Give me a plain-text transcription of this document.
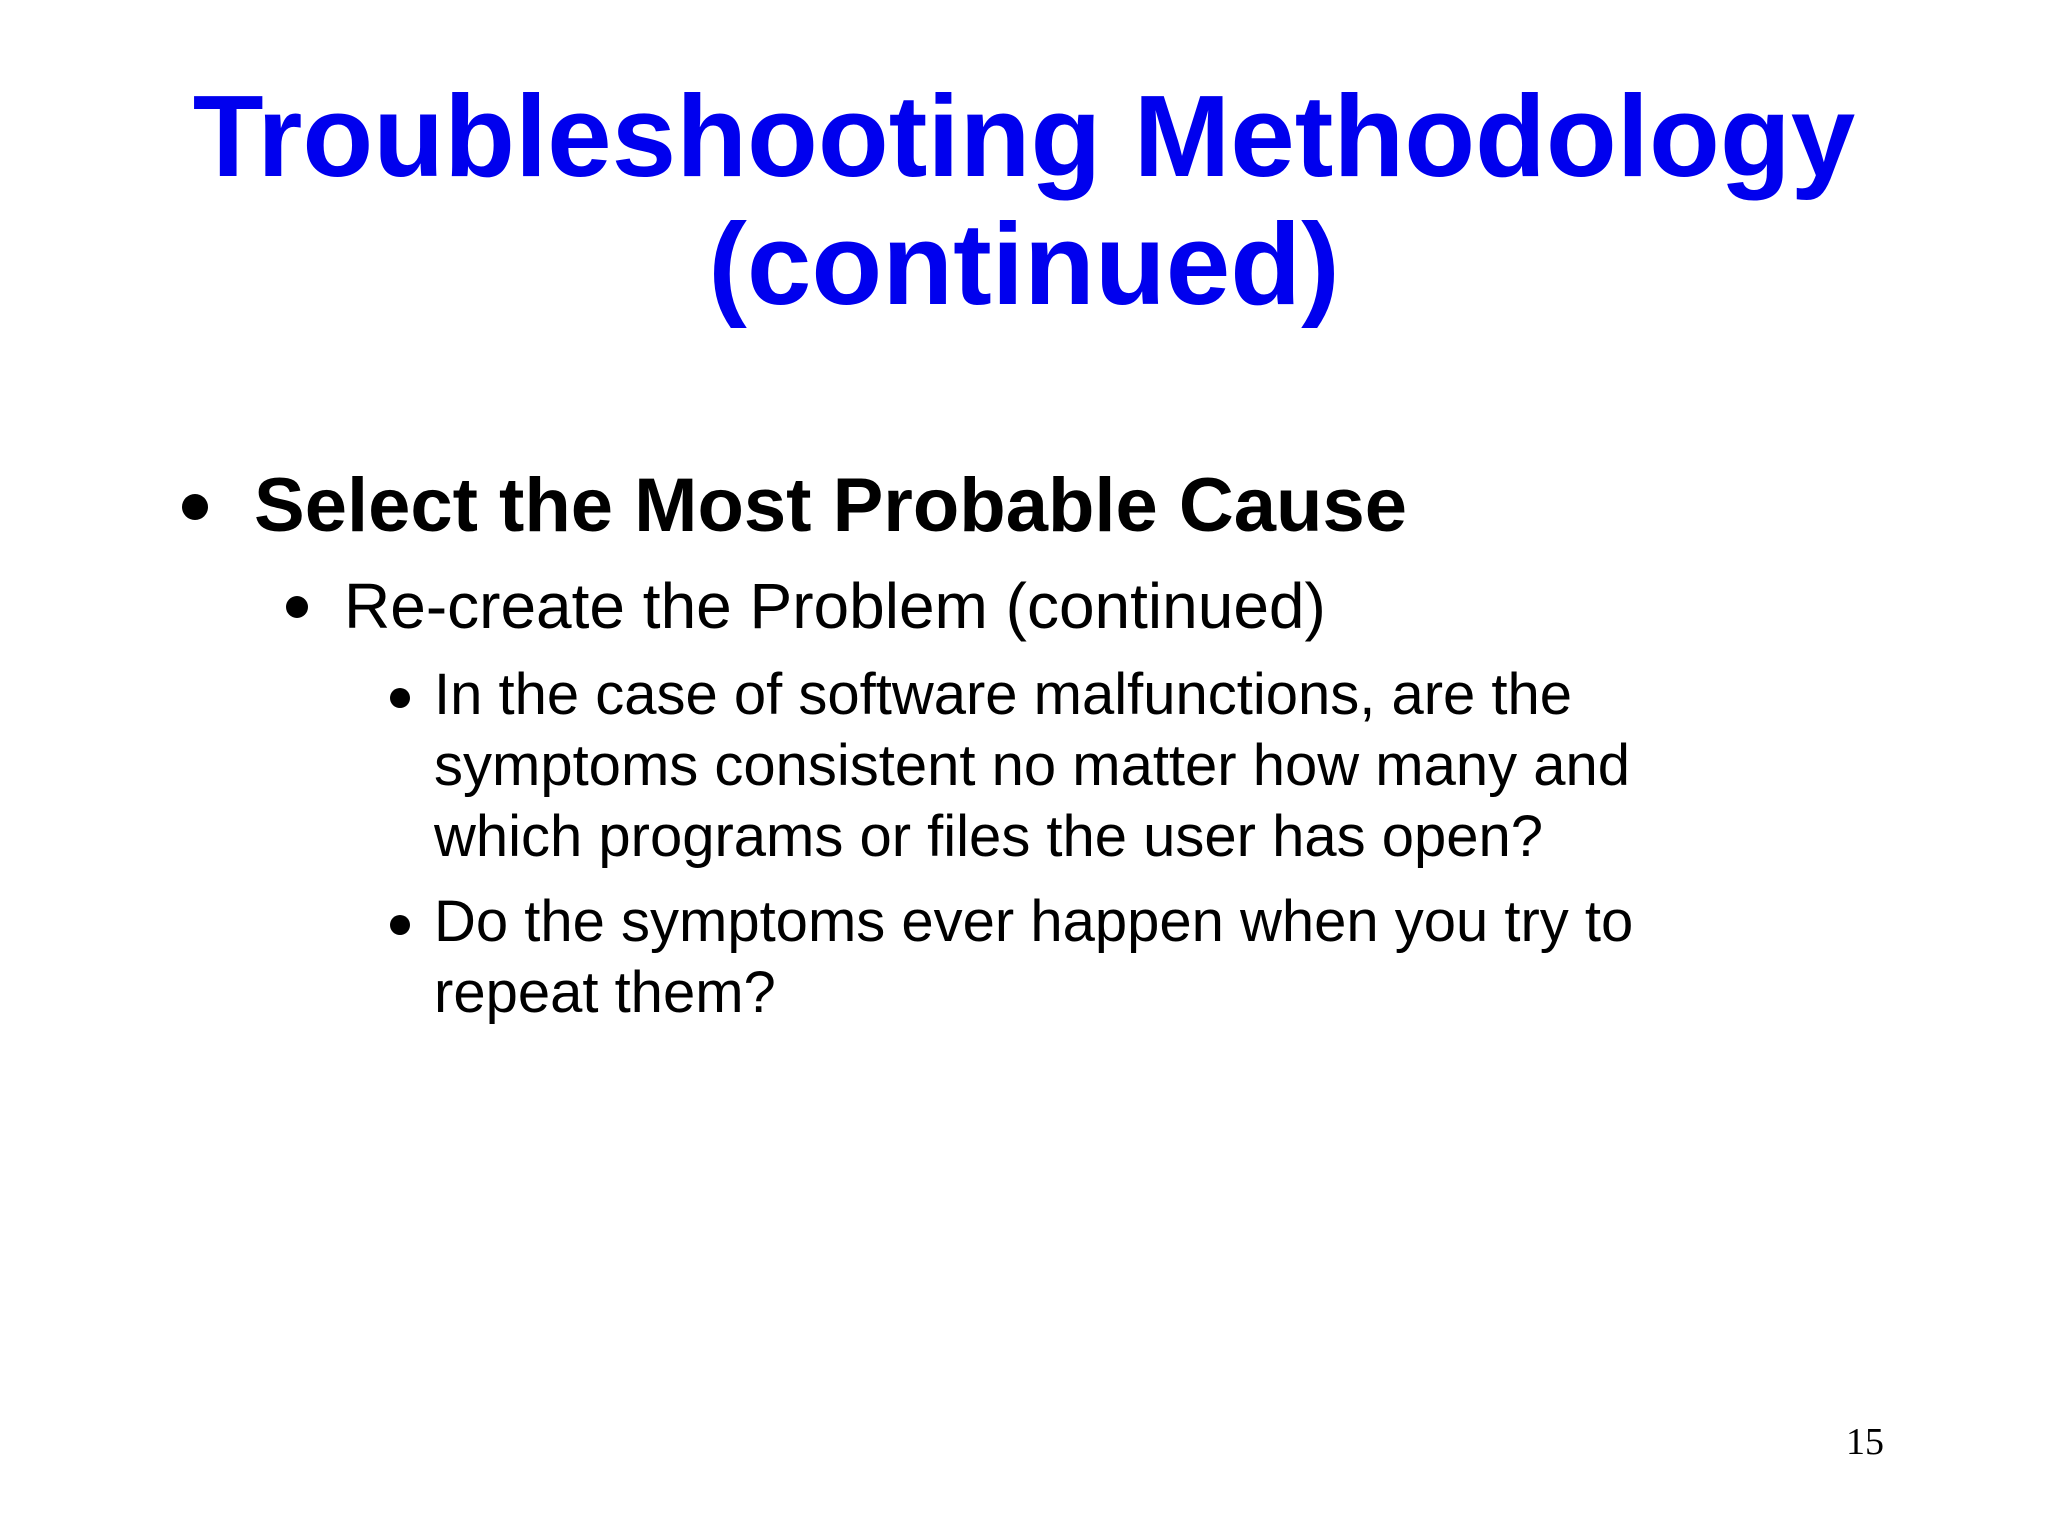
Troubleshooting Methodology
(continued)
Select the Most Probable Cause
Re-create the Problem (continued)
In the case of software malfunctions, are the symptoms consistent no matter how many and which programs or files the user has open?
Do the symptoms ever happen when you try to repeat them?
15
